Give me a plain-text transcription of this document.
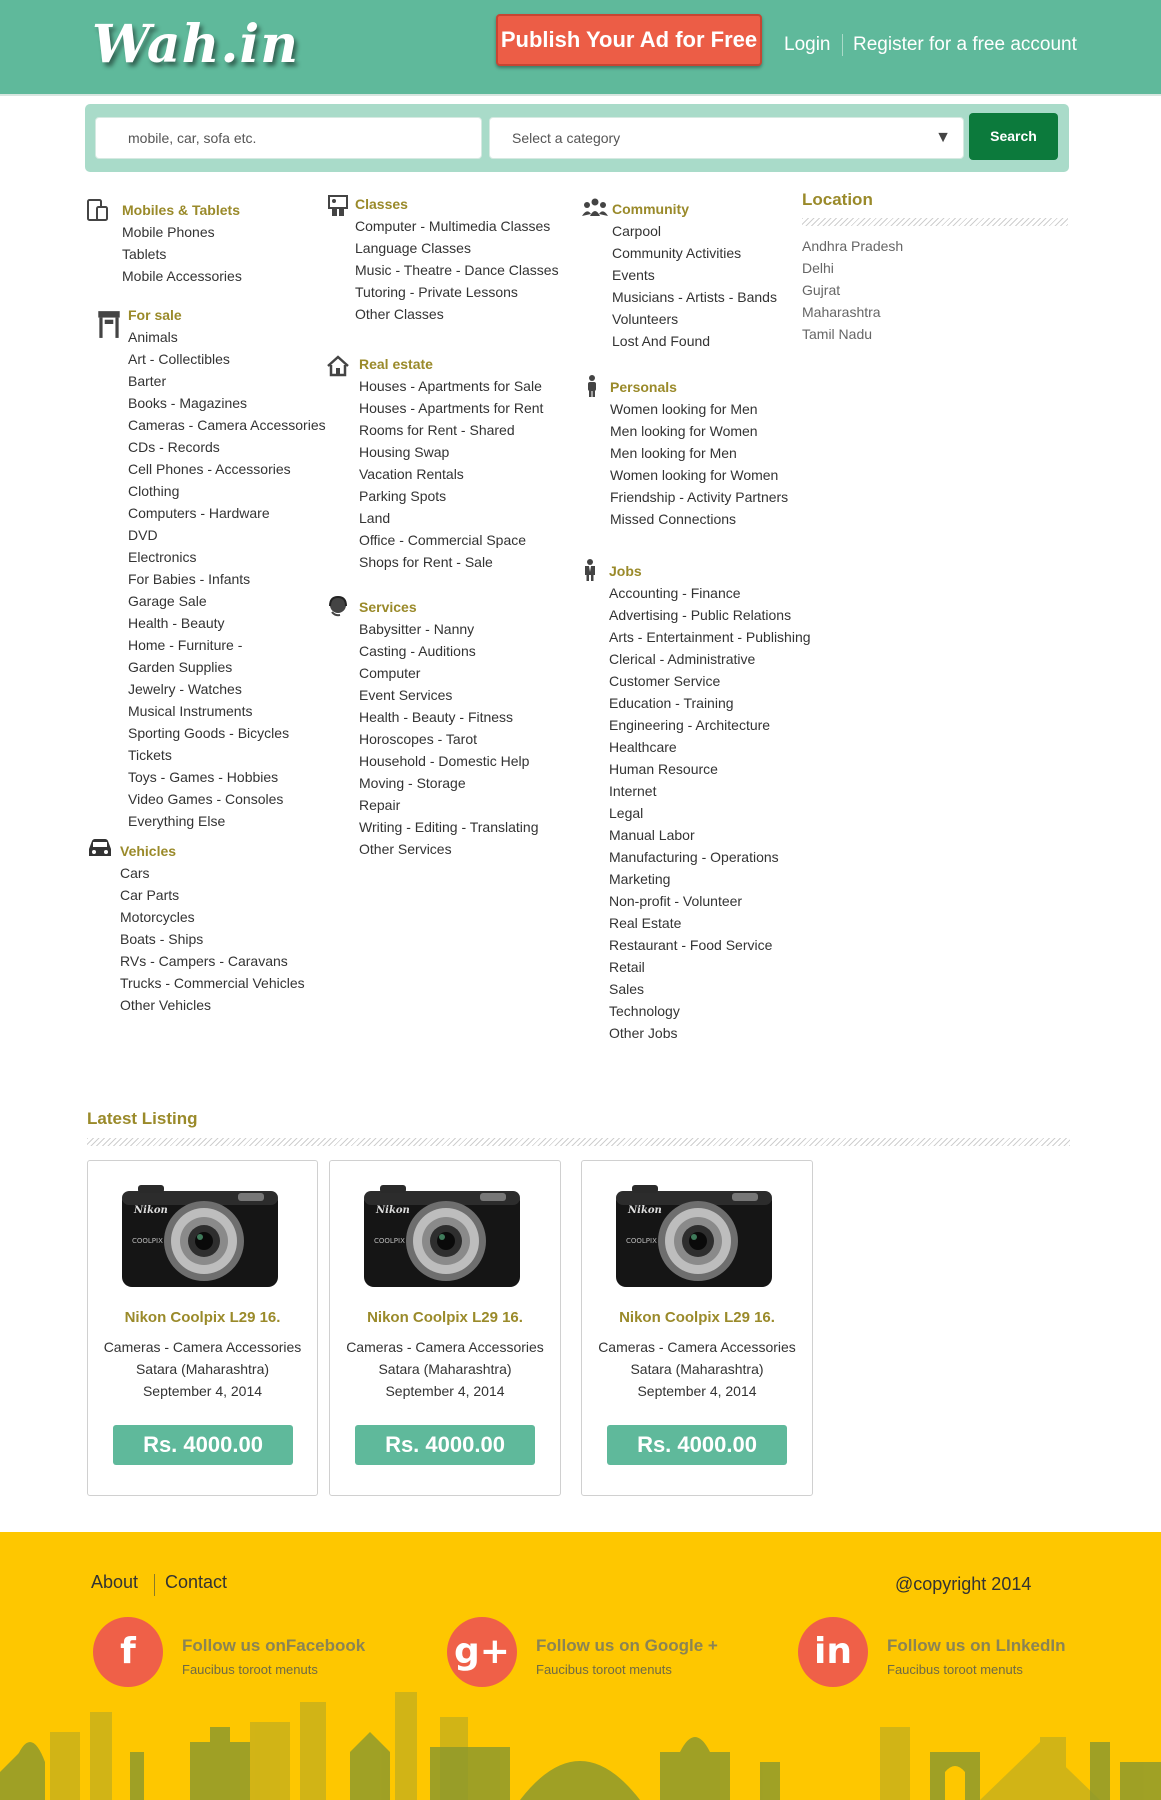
Wah.in	Publish Your Ad for Free Login Register for a free account
mobile, car, sofa etc.
Select a category	▼	Search
Mobiles & Tablets
Mobile Phones
Tablets
Mobile Accessories
For sale
Animals
Art - Collectibles
Barter
Books - Magazines
Cameras - Camera Accessories
CDs - Records
Cell Phones - Accessories
Clothing
Computers - Hardware
DVD
Electronics
For Babies - Infants
Garage Sale
Health - Beauty
Home - Furniture -
Garden Supplies
Jewelry - Watches
Musical Instruments
Sporting Goods - Bicycles
Tickets
Toys - Games - Hobbies
Video Games - Consoles
Everything Else
Vehicles
Cars
Car Parts
Motorcycles
Boats - Ships
RVs - Campers - Caravans
Trucks - Commercial Vehicles
Other Vehicles
Classes
Computer - Multimedia Classes
Language Classes
Music - Theatre - Dance Classes
Tutoring - Private Lessons
Other Classes
Real estate
Houses - Apartments for Sale
Houses - Apartments for Rent
Rooms for Rent - Shared
Housing Swap
Vacation Rentals
Parking Spots
Land
Office - Commercial Space
Shops for Rent - Sale
Services
Babysitter - Nanny
Casting - Auditions
Computer
Event Services
Health - Beauty - Fitness
Horoscopes - Tarot
Household - Domestic Help
Moving - Storage
Repair
Writing - Editing - Translating
Other Services
Community
Carpool
Community Activities
Events
Musicians - Artists - Bands
Volunteers
Lost And Found
Personals
Women looking for Men
Men looking for Women
Men looking for Men
Women looking for Women
Friendship - Activity Partners
Missed Connections
Jobs
Accounting - Finance
Advertising - Public Relations
Arts - Entertainment - Publishing
Clerical - Administrative
Customer Service
Education - Training
Engineering - Architecture
Healthcare
Human Resource
Internet
Legal
Manual Labor
Manufacturing - Operations
Marketing
Non-profit - Volunteer
Real Estate
Restaurant - Food Service
Retail
Sales
Technology
Other Jobs
Location
Andhra Pradesh
Delhi
Gujrat
Maharashtra
Tamil Nadu
Latest Listing
Nikon
COOLPIX
Nikon Coolpix L29 16.
Cameras - Camera Accessories
Satara (Maharashtra)
September 4, 2014
Rs. 4000.00
Nikon
COOLPIX
Nikon Coolpix L29 16.
Cameras - Camera Accessories
Satara (Maharashtra)
September 4, 2014
Rs. 4000.00
Nikon
COOLPIX
Nikon Coolpix L29 16.
Cameras - Camera Accessories
Satara (Maharashtra)
September 4, 2014
Rs. 4000.00
About Contact	@copyright 2014
f	Follow us onFacebook
Faucibus toroot menuts	g+	Follow us on Google +
Faucibus toroot menuts	in	Follow us on LInkedIn
Faucibus toroot menuts
